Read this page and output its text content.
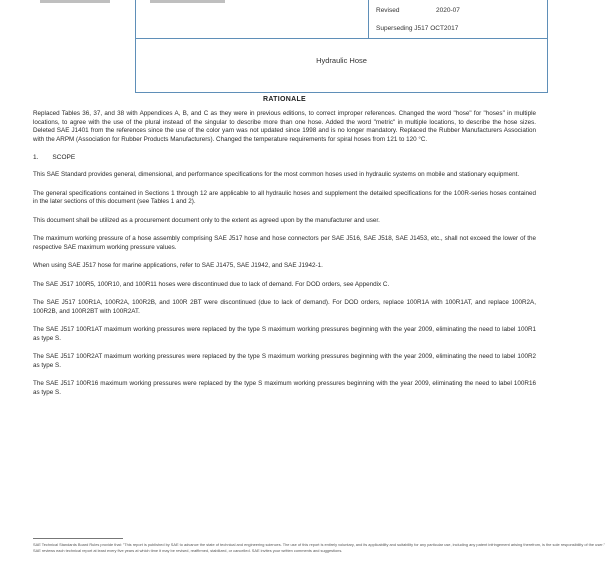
Revised	2020-07
Superseding J517 OCT2017
Hydraulic Hose
RATIONALE

Replaced Tables 36, 37, and 38 with Appendices A, B, and C as they were in previous editions, to correct improper references. Changed the word "hose" for "hoses" in multiple locations, to agree with the use of the plural instead of the singular to describe more than one hose. Added the word "metric" in multiple locations, to describe the hose sizes. Deleted SAE J1401 from the references since the use of the color yarn was not updated since 1998 and is no longer mandatory. Replaced the Rubber Manufacturers Association with the ARPM (Association for Rubber Products Manufacturers). Changed the temperature requirements for spiral hoses from 121 to 120 °C.

1. SCOPE

This SAE Standard provides general, dimensional, and performance specifications for the most common hoses used in hydraulic systems on mobile and stationary equipment.

The general specifications contained in Sections 1 through 12 are applicable to all hydraulic hoses and supplement the detailed specifications for the 100R-series hoses contained in the later sections of this document (see Tables 1 and 2).

This document shall be utilized as a procurement document only to the extent as agreed upon by the manufacturer and user.

The maximum working pressure of a hose assembly comprising SAE J517 hose and hose connectors per SAE J516, SAE J518, SAE J1453, etc., shall not exceed the lower of the respective SAE maximum working pressure values.

When using SAE J517 hose for marine applications, refer to SAE J1475, SAE J1942, and SAE J1942-1.

The SAE J517 100R5, 100R10, and 100R11 hoses were discontinued due to lack of demand. For DOD orders, see Appendix C.

The SAE J517 100R1A, 100R2A, 100R2B, and 100R 2BT were discontinued (due to lack of demand). For DOD orders, replace 100R1A with 100R1AT, and replace 100R2A, 100R2B, and 100R2BT with 100R2AT.

The SAE J517 100R1AT maximum working pressures were replaced by the type S maximum working pressures beginning with the year 2009, eliminating the need to label 100R1 as type S.

The SAE J517 100R2AT maximum working pressures were replaced by the type S maximum working pressures beginning with the year 2009, eliminating the need to label 100R2 as type S.

The SAE J517 100R16 maximum working pressures were replaced by the type S maximum working pressures beginning with the year 2009, eliminating the need to label 100R16 as type S.

SAE Technical Standards Board Rules provide that: "This report is published by SAE to advance the state of technical and engineering sciences. The use of this report is entirely voluntary, and its applicability and suitability for any particular use, including any patent infringement arising therefrom, is the sole responsibility of the user."
SAE reviews each technical report at least every five years at which time it may be revised, reaffirmed, stabilized, or cancelled. SAE invites your written comments and suggestions.
